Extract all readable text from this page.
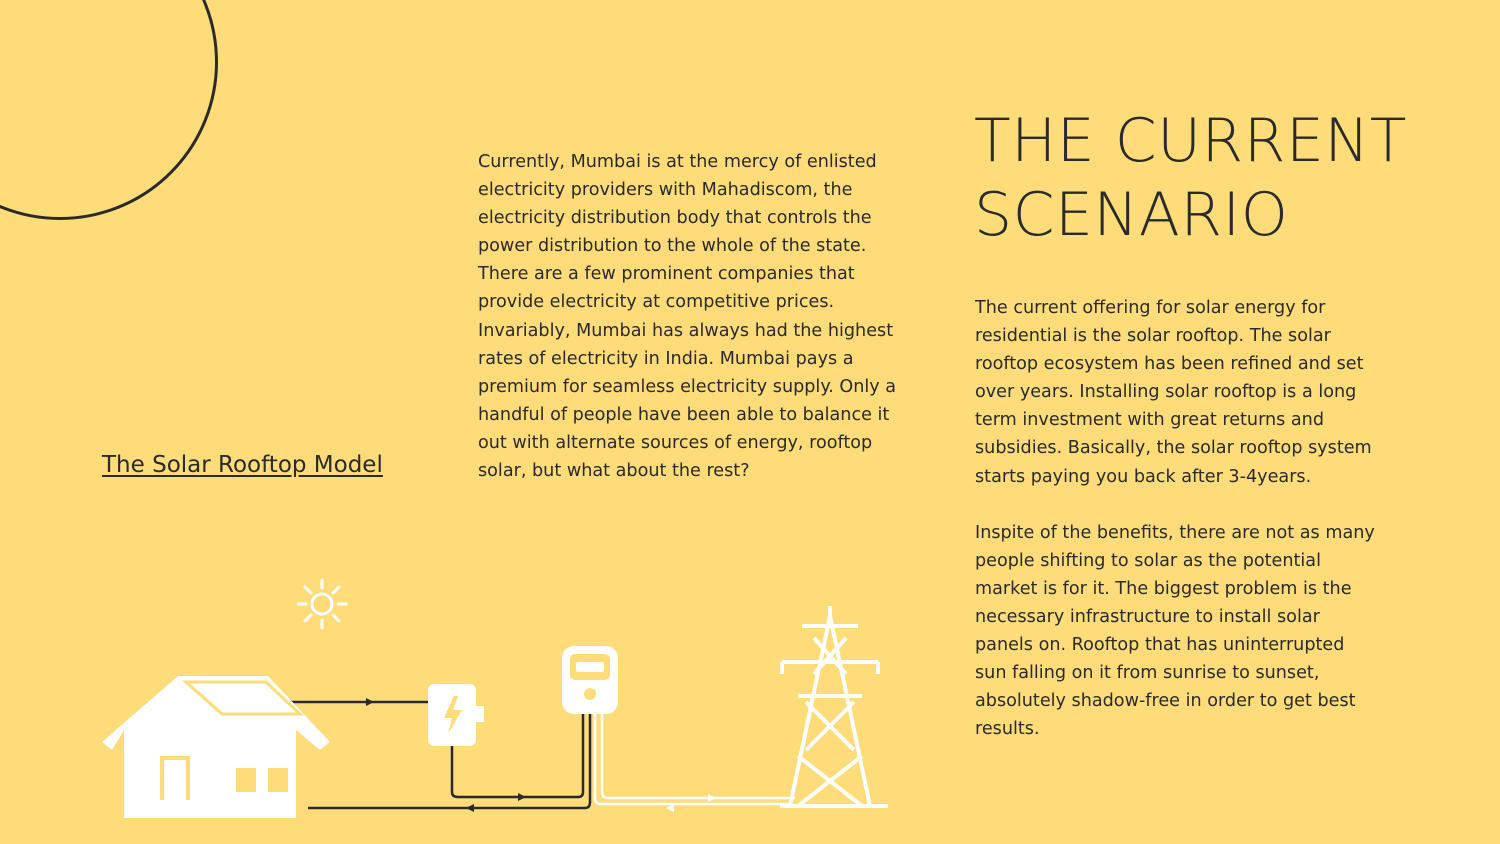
The Solar Rooftop Model

Currently, Mumbai is at the mercy of enlisted electricity providers with Mahadiscom, the electricity distribution body that controls the power distribution to the whole of the state. There are a few prominent companies that provide electricity at competitive prices. Invariably, Mumbai has always had the highest rates of electricity in India. Mumbai pays a premium for seamless electricity supply. Only a handful of people have been able to balance it out with alternate sources of energy, rooftop solar, but what about the rest?

THE CURRENT SCENARIO

The current offering for solar energy for residential is the solar rooftop. The solar rooftop ecosystem has been refined and set over years. Installing solar rooftop is a long term investment with great returns and subsidies. Basically, the solar rooftop system starts paying you back after 3-4years.

Inspite of the benefits, there are not as many people shifting to solar as the potential market is for it. The biggest problem is the necessary infrastructure to install solar panels on. Rooftop that has uninterrupted sun falling on it from sunrise to sunset, absolutely shadow-free in order to get best results.
